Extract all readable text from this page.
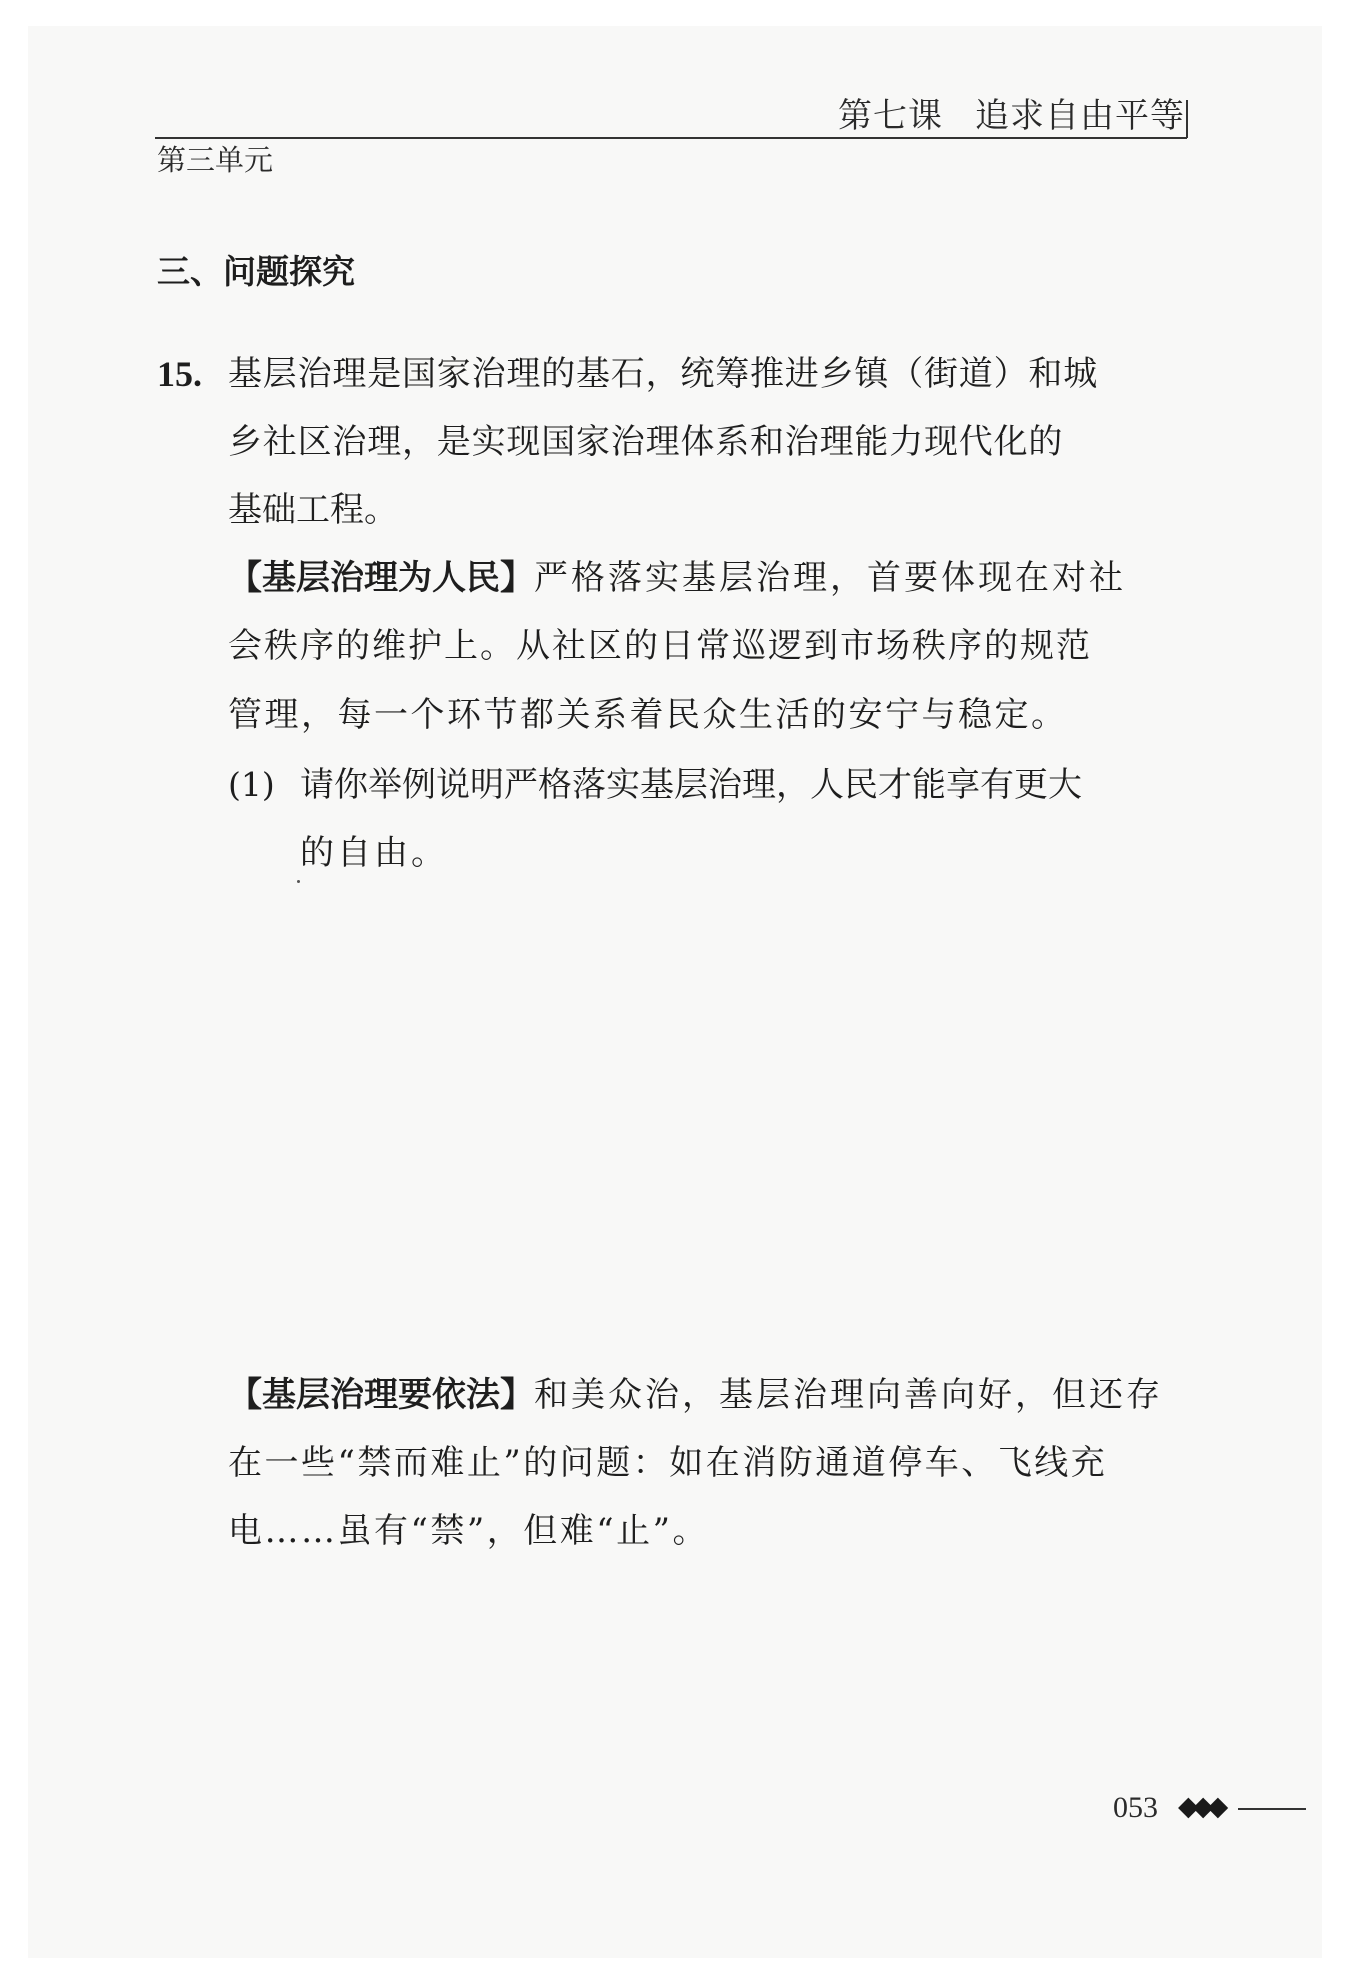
第七课 追求自由平等
第三单元
三、问题探究
15. 基层治理是国家治理的基石，统筹推进乡镇（街道）和城
乡社区治理，是实现国家治理体系和治理能力现代化的
基础工程。
【基层治理为人民】严格落实基层治理，首要体现在对社
会秩序的维护上。从社区的日常巡逻到市场秩序的规范
管理，每一个环节都关系着民众生活的安宁与稳定。
(1) 请你举例说明严格落实基层治理，人民才能享有更大
的自由。
【基层治理要依法】和美众治，基层治理向善向好，但还存
在一些“禁而难止”的问题：如在消防通道停车、飞线充
电……虽有“禁”，但难“止”。
053 ◆◆◆
